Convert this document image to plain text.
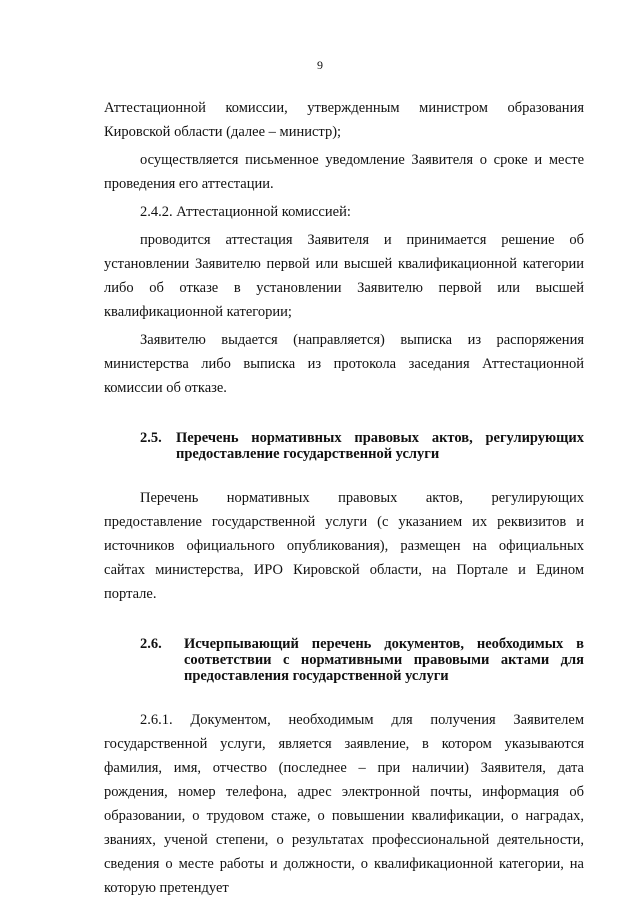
9

Аттестационной комиссии, утвержденным министром образования Кировской области (далее – министр);

осуществляется письменное уведомление Заявителя о сроке и месте проведения его аттестации.

2.4.2. Аттестационной комиссией:

проводится аттестация Заявителя и принимается решение об установлении Заявителю первой или высшей квалификационной категории либо об отказе в установлении Заявителю первой или высшей квалификационной категории;

Заявителю выдается (направляется) выписка из распоряжения министерства либо выписка из протокола заседания Аттестационной комиссии об отказе.

2.5. Перечень нормативных правовых актов, регулирующих предоставление государственной услуги

Перечень нормативных правовых актов, регулирующих предоставление государственной услуги (с указанием их реквизитов и источников официального опубликования), размещен на официальных сайтах министерства, ИРО Кировской области, на Портале и Едином портале.

2.6.	Исчерпывающий перечень документов, необходимых в соответствии с нормативными правовыми актами для предоставления государственной услуги

2.6.1. Документом, необходимым для получения Заявителем государственной услуги, является заявление, в котором указываются фамилия, имя, отчество (последнее – при наличии) Заявителя, дата рождения, номер телефона, адрес электронной почты, информация об образовании, о трудовом стаже, о повышении квалификации, о наградах, званиях, ученой степени, о результатах профессиональной деятельности, сведения о месте работы и должности, о квалификационной категории, на которую претендует
